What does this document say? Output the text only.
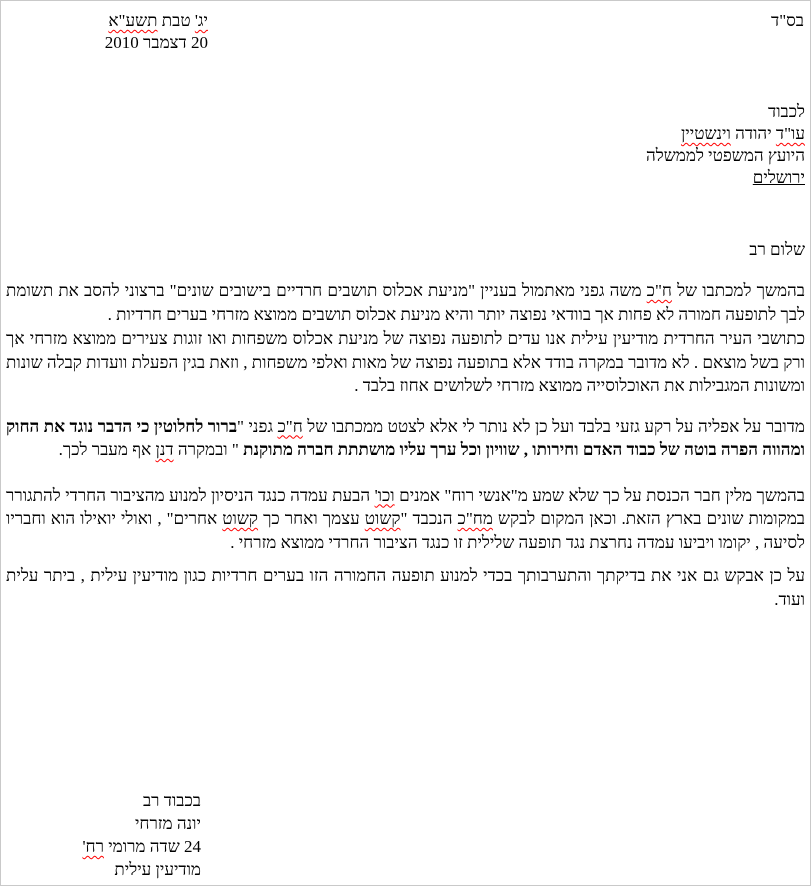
בס"ד
יג' טבת תשע"א
20 דצמבר 2010
לכבוד
עו"ד יהודה וינשטיין
היועץ המשפטי לממשלה
ירושלים
שלום רב

בהמשך למכתבו של ח"כ משה גפני מאתמול בעניין "מניעת אכלוס תושבים חרדיים בישובים שונים" ברצוני להסב את תשומת לבך לתופעה חמורה לא פחות אך בוודאי נפוצה יותר והיא מניעת אכלוס תושבים ממוצא מזרחי בערים חרדיות .

כתושבי העיר החרדית מודיעין עילית אנו עדים לתופעה נפוצה של מניעת אכלוס משפחות ואו זוגות צעירים ממוצא מזרחי אך ורק בשל מוצאם . לא מדובר במקרה בודד אלא בתופעה נפוצה של מאות ואלפי משפחות , וזאת בגין הפעלת וועדות קבלה שונות ומשונות המגבילות את האוכלוסייה ממוצא מזרחי לשלושים אחוז בלבד .

מדובר על אפליה על רקע גזעי בלבד ועל כן לא נותר לי אלא לצטט ממכתבו של ח"כ גפני "ברור לחלוטין כי הדבר נוגד את החוק ומהווה הפרה בוטה של כבוד האדם וחירותו , שוויון וכל ערך עליו מושתתת חברה מתוקנת " ובמקרה דנן אף מעבר לכך.

בהמשך מלין חבר הכנסת על כך שלא שמע מ"אנשי רוח" אמנים וכו' הבעת עמדה כנגד הניסיון למנוע מהציבור החרדי להתגורר במקומות שונים בארץ הזאת. וכאן המקום לבקש מח"כ הנכבד "קשוט עצמך ואחר כך קשוט אחרים" , ואולי יואילו הוא וחבריו לסיעה , יקומו ויביעו עמדה נחרצת נגד תופעה שלילית זו כנגד הציבור החרדי ממוצא מזרחי .

על כן אבקש גם אני את בדיקתך והתערבותך בכדי למנוע תופעה החמורה הזו בערים חרדיות כגון מודיעין עילית , ביתר עלית ועוד.

בכבוד רב
יונה מזרחי
רח' מרומי שדה 24
מודיעין עילית
